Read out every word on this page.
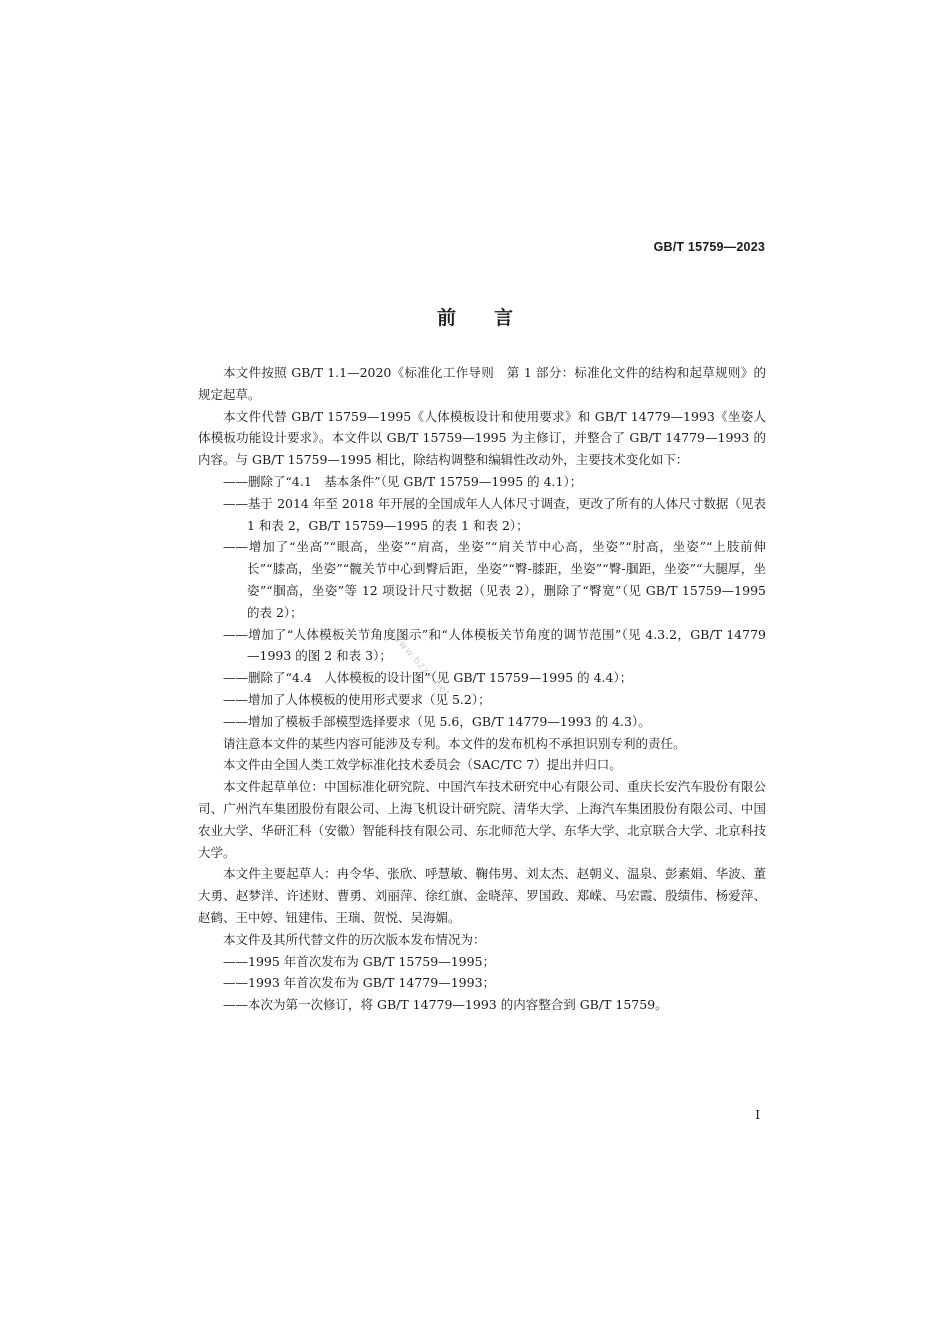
GB/T 15759—2023
前言

本文件按照 GB/T 1.1—2020《标准化工作导则　第 1 部分：标准化文件的结构和起草规则》的规定起草。

本文件代替 GB/T 15759—1995《人体模板设计和使用要求》和 GB/T 14779—1993《坐姿人体模板功能设计要求》。本文件以 GB/T 15759—1995 为主修订，并整合了 GB/T 14779—1993 的内容。与 GB/T 15759—1995 相比，除结构调整和编辑性改动外，主要技术变化如下：

——删除了“4.1　基本条件”（见 GB/T 15759—1995 的 4.1）；

——基于 2014 年至 2018 年开展的全国成年人人体尺寸调查，更改了所有的人体尺寸数据（见表 1 和表 2，GB/T 15759—1995 的表 1 和表 2）；

——增加了“坐高”“眼高，坐姿”“肩高，坐姿”“肩关节中心高，坐姿”“肘高，坐姿”“上肢前伸长”“膝高，坐姿”“髋关节中心到臀后距，坐姿”“臀-膝距，坐姿”“臀-腘距，坐姿”“大腿厚，坐姿”“腘高，坐姿”等 12 项设计尺寸数据（见表 2），删除了“臀宽”（见 GB/T 15759—1995 的表 2）；

——增加了“人体模板关节角度图示”和“人体模板关节角度的调节范围”（见 4.3.2，GB/T 14779—1993 的图 2 和表 3）；

——删除了“4.4　人体模板的设计图”（见 GB/T 15759—1995 的 4.4）；

——增加了人体模板的使用形式要求（见 5.2）；

——增加了模板手部模型选择要求（见 5.6，GB/T 14779—1993 的 4.3）。

请注意本文件的某些内容可能涉及专利。本文件的发布机构不承担识别专利的责任。

本文件由全国人类工效学标准化技术委员会（SAC/TC 7）提出并归口。

本文件起草单位：中国标准化研究院、中国汽车技术研究中心有限公司、重庆长安汽车股份有限公司、广州汽车集团股份有限公司、上海飞机设计研究院、清华大学、上海汽车集团股份有限公司、中国农业大学、华研汇科（安徽）智能科技有限公司、东北师范大学、东华大学、北京联合大学、北京科技大学。

本文件主要起草人：冉令华、张欣、呼慧敏、鞠伟男、刘太杰、赵朝义、温泉、彭素娟、华波、董大勇、赵梦洋、许述财、曹勇、刘丽萍、徐红旗、金晓萍、罗国政、郑嵘、马宏霞、殷绩伟、杨爱萍、赵鹤、王中婷、钮建伟、王瑞、贺悦、吴海媚。

本文件及其所代替文件的历次版本发布情况为：

——1995 年首次发布为 GB/T 15759—1995；

——1993 年首次发布为 GB/T 14779—1993；

——本次为第一次修订，将 GB/T 14779—1993 的内容整合到 GB/T 15759。

www.bzxz.net
I
